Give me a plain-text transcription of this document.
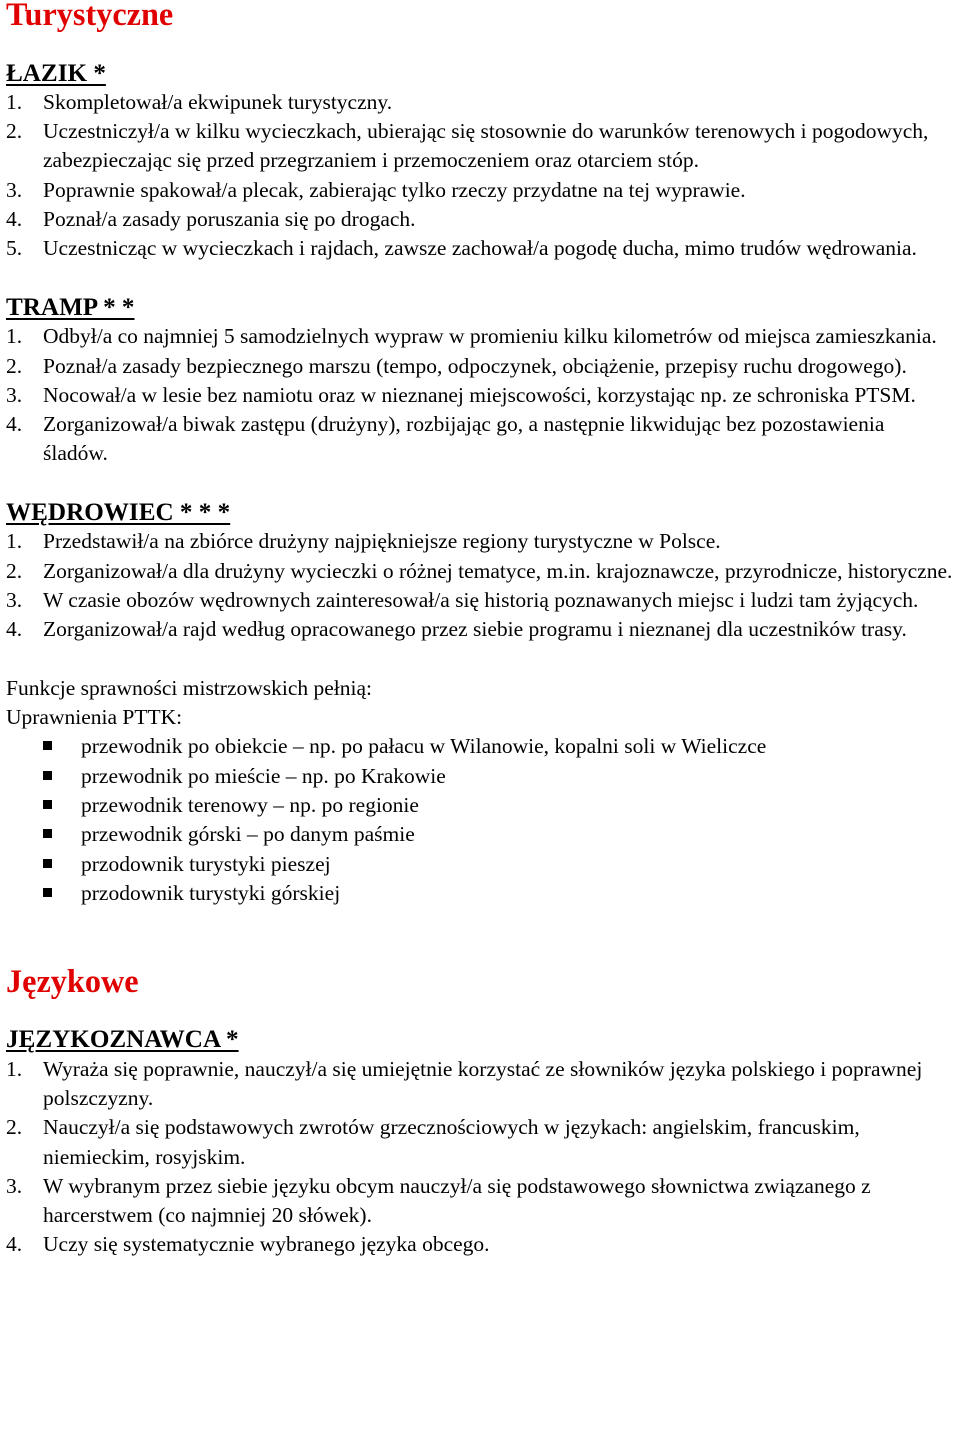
Turystyczne
ŁAZIK *
1. Skompletował/a ekwipunek turystyczny.
2. Uczestniczył/a w kilku wycieczkach, ubierając się stosownie do warunków terenowych i pogodowych, zabezpieczając się przed przegrzaniem i przemoczeniem oraz otarciem stóp.
3. Poprawnie spakował/a plecak, zabierając tylko rzeczy przydatne na tej wyprawie.
4. Poznał/a zasady poruszania się po drogach.
5. Uczestnicząc w wycieczkach i rajdach, zawsze zachował/a pogodę ducha, mimo trudów wędrowania.
TRAMP * *
1. Odbył/a co najmniej 5 samodzielnych wypraw w promieniu kilku kilometrów od miejsca zamieszkania.
2. Poznał/a zasady bezpiecznego marszu (tempo, odpoczynek, obciążenie, przepisy ruchu drogowego).
3. Nocował/a w lesie bez namiotu oraz w nieznanej miejscowości, korzystając np. ze schroniska PTSM.
4. Zorganizował/a biwak zastępu (drużyny), rozbijając go, a następnie likwidując bez pozostawienia śladów.
WĘDROWIEC * * *
1. Przedstawił/a na zbiórce drużyny najpiękniejsze regiony turystyczne w Polsce.
2. Zorganizował/a dla drużyny wycieczki o różnej tematyce, m.in. krajoznawcze, przyrodnicze, historyczne.
3. W czasie obozów wędrownych zainteresował/a się historią poznawanych miejsc i ludzi tam żyjących.
4. Zorganizował/a rajd według opracowanego przez siebie programu i nieznanej dla uczestników trasy.

Funkcje sprawności mistrzowskich pełnią:

Uprawnienia PTTK:

przewodnik po obiekcie – np. po pałacu w Wilanowie, kopalni soli w Wieliczce
przewodnik po mieście – np. po Krakowie
przewodnik terenowy – np. po regionie
przewodnik górski – po danym paśmie
przodownik turystyki pieszej
przodownik turystyki górskiej
Językowe
JĘZYKOZNAWCA *
1. Wyraża się poprawnie, nauczył/a się umiejętnie korzystać ze słowników języka polskiego i poprawnej polszczyzny.
2. Nauczył/a się podstawowych zwrotów grzecznościowych w językach: angielskim, francuskim, niemieckim, rosyjskim.
3. W wybranym przez siebie języku obcym nauczył/a się podstawowego słownictwa związanego z harcerstwem (co najmniej 20 słówek).
4. Uczy się systematycznie wybranego języka obcego.
